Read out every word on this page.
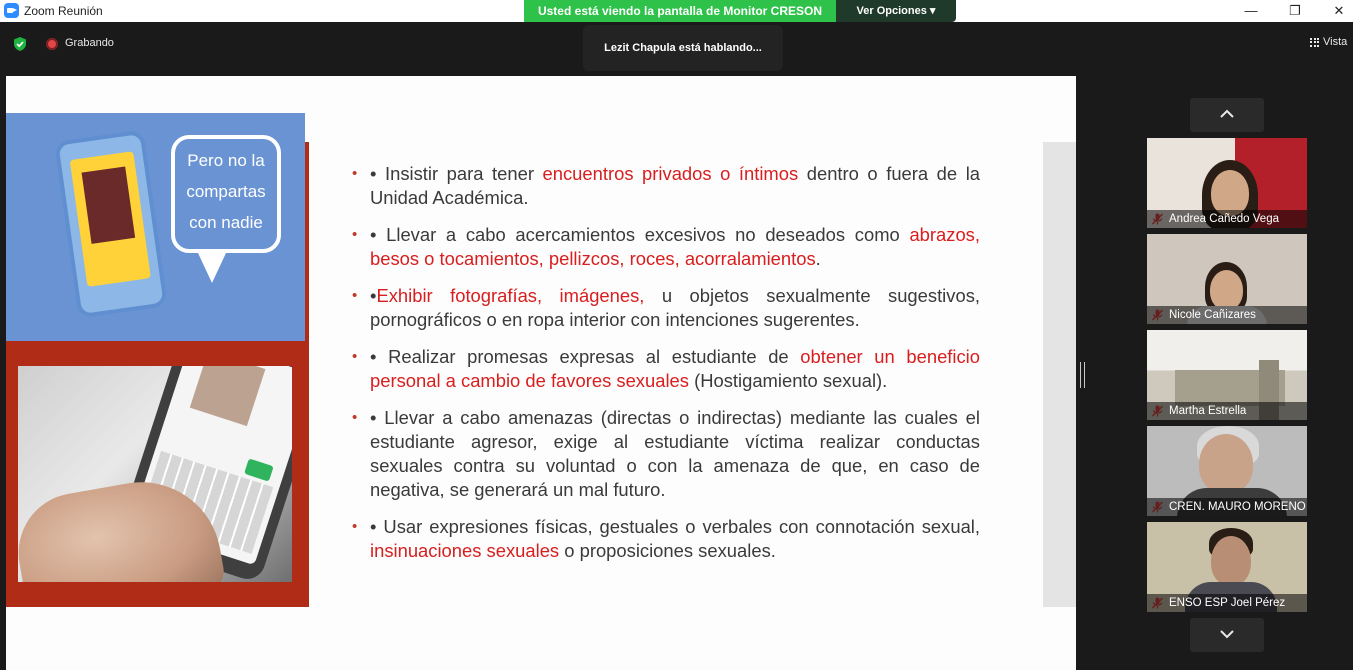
Zoom Reunión	—	❐	✕
Usted está viendo la pantalla de Monitor CRESON	Ver Opciones ▾
Grabando	Lezit Chapula está hablando...	Vista
Pero no la
compartas
con nadie
• • Insistir para tener encuentros privados o íntimos dentro o fuera de la Unidad Académica.
• • Llevar a cabo acercamientos excesivos no deseados como abrazos, besos o tocamientos, pellizcos, roces, acorralamientos.
• •Exhibir fotografías, imágenes, u objetos sexualmente sugestivos, pornográficos o en ropa interior con intenciones sugerentes.
• • Realizar promesas expresas al estudiante de obtener un beneficio personal a cambio de favores sexuales (Hostigamiento sexual).
• • Llevar a cabo amenazas (directas o indirectas) mediante las cuales el estudiante agresor, exige al estudiante víctima realizar conductas sexuales contra su voluntad o con la amenaza de que, en caso de negativa, se generará un mal futuro.
• • Usar expresiones físicas, gestuales o verbales con connotación sexual, insinuaciones sexuales o proposiciones sexuales.
Andrea Cañedo Vega
Nicole Cañizares
Martha Estrella
CREN. MAURO MORENO
ENSO ESP Joel Pérez
